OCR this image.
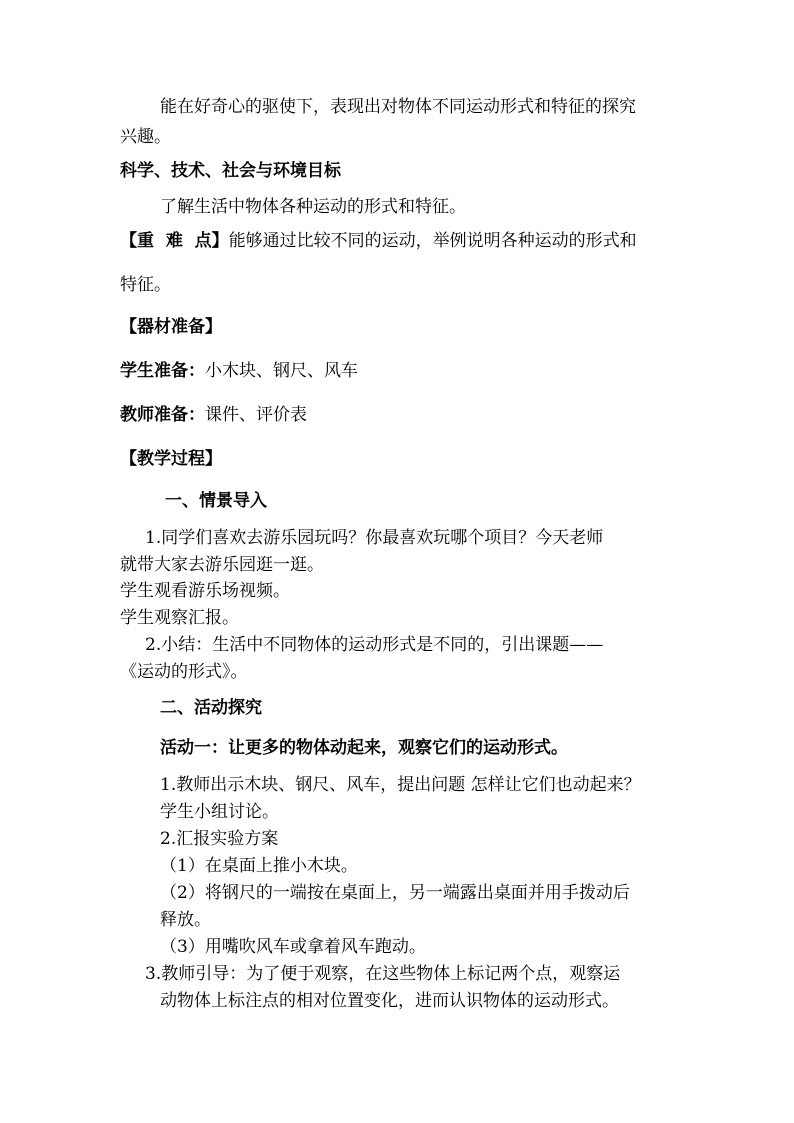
能在好奇心的驱使下，表现出对物体不同运动形式和特征的探究
兴趣。
科学、技术、社会与环境目标
了解生活中物体各种运动的形式和特征。
【重  难  点】能够通过比较不同的运动，举例说明各种运动的形式和
特征。
【器材准备】
学生准备：小木块、钢尺、风车
教师准备：课件、评价表
【教学过程】
一、情景导入
1.同学们喜欢去游乐园玩吗？你最喜欢玩哪个项目？今天老师
就带大家去游乐园逛一逛。
学生观看游乐场视频。
学生观察汇报。
2.小结：生活中不同物体的运动形式是不同的，引出课题——
《运动的形式》。
二、活动探究
活动一：让更多的物体动起来，观察它们的运动形式。
1.教师出示木块、钢尺、风车，提出问题 怎样让它们也动起来？
学生小组讨论。
2.汇报实验方案
（1）在桌面上推小木块。
（2）将钢尺的一端按在桌面上，另一端露出桌面并用手拨动后
释放。
（3）用嘴吹风车或拿着风车跑动。
3.教师引导：为了便于观察，在这些物体上标记两个点，观察运
动物体上标注点的相对位置变化，进而认识物体的运动形式。
